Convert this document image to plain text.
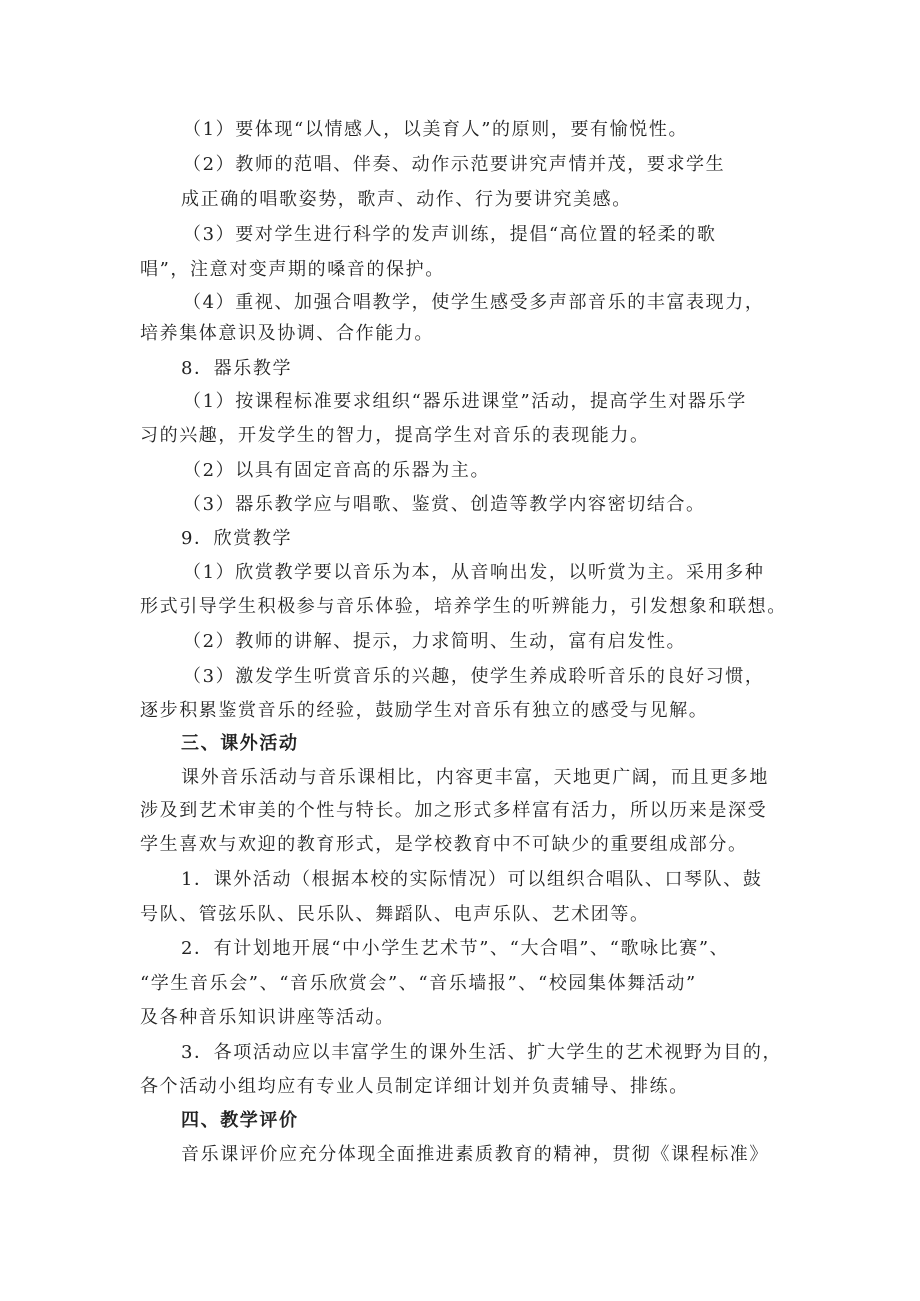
（1）要体现“以情感人，以美育人”的原则，要有愉悦性。
（2）教师的范唱、伴奏、动作示范要讲究声情并茂，要求学生
成正确的唱歌姿势，歌声、动作、行为要讲究美感。
（3）要对学生进行科学的发声训练，提倡“高位置的轻柔的歌
唱”，注意对变声期的嗓音的保护。
（4）重视、加强合唱教学，使学生感受多声部音乐的丰富表现力，
培养集体意识及协调、合作能力。
8．器乐教学
（1）按课程标准要求组织“器乐进课堂”活动，提高学生对器乐学
习的兴趣，开发学生的智力，提高学生对音乐的表现能力。
（2）以具有固定音高的乐器为主。
（3）器乐教学应与唱歌、鉴赏、创造等教学内容密切结合。
9．欣赏教学
（1）欣赏教学要以音乐为本，从音响出发，以听赏为主。采用多种
形式引导学生积极参与音乐体验，培养学生的听辨能力，引发想象和联想。
（2）教师的讲解、提示，力求简明、生动，富有启发性。
（3）激发学生听赏音乐的兴趣，使学生养成聆听音乐的良好习惯，
逐步积累鉴赏音乐的经验，鼓励学生对音乐有独立的感受与见解。
三、课外活动
课外音乐活动与音乐课相比，内容更丰富，天地更广阔，而且更多地
涉及到艺术审美的个性与特长。加之形式多样富有活力，所以历来是深受
学生喜欢与欢迎的教育形式，是学校教育中不可缺少的重要组成部分。
1．课外活动（根据本校的实际情况）可以组织合唱队、口琴队、鼓
号队、管弦乐队、民乐队、舞蹈队、电声乐队、艺术团等。
2．有计划地开展“中小学生艺术节”、“大合唱”、“歌咏比赛”、
“学生音乐会”、“音乐欣赏会”、“音乐墙报”、“校园集体舞活动”
及各种音乐知识讲座等活动。
3．各项活动应以丰富学生的课外生活、扩大学生的艺术视野为目的，
各个活动小组均应有专业人员制定详细计划并负责辅导、排练。
四、教学评价
音乐课评价应充分体现全面推进素质教育的精神，贯彻《课程标准》
